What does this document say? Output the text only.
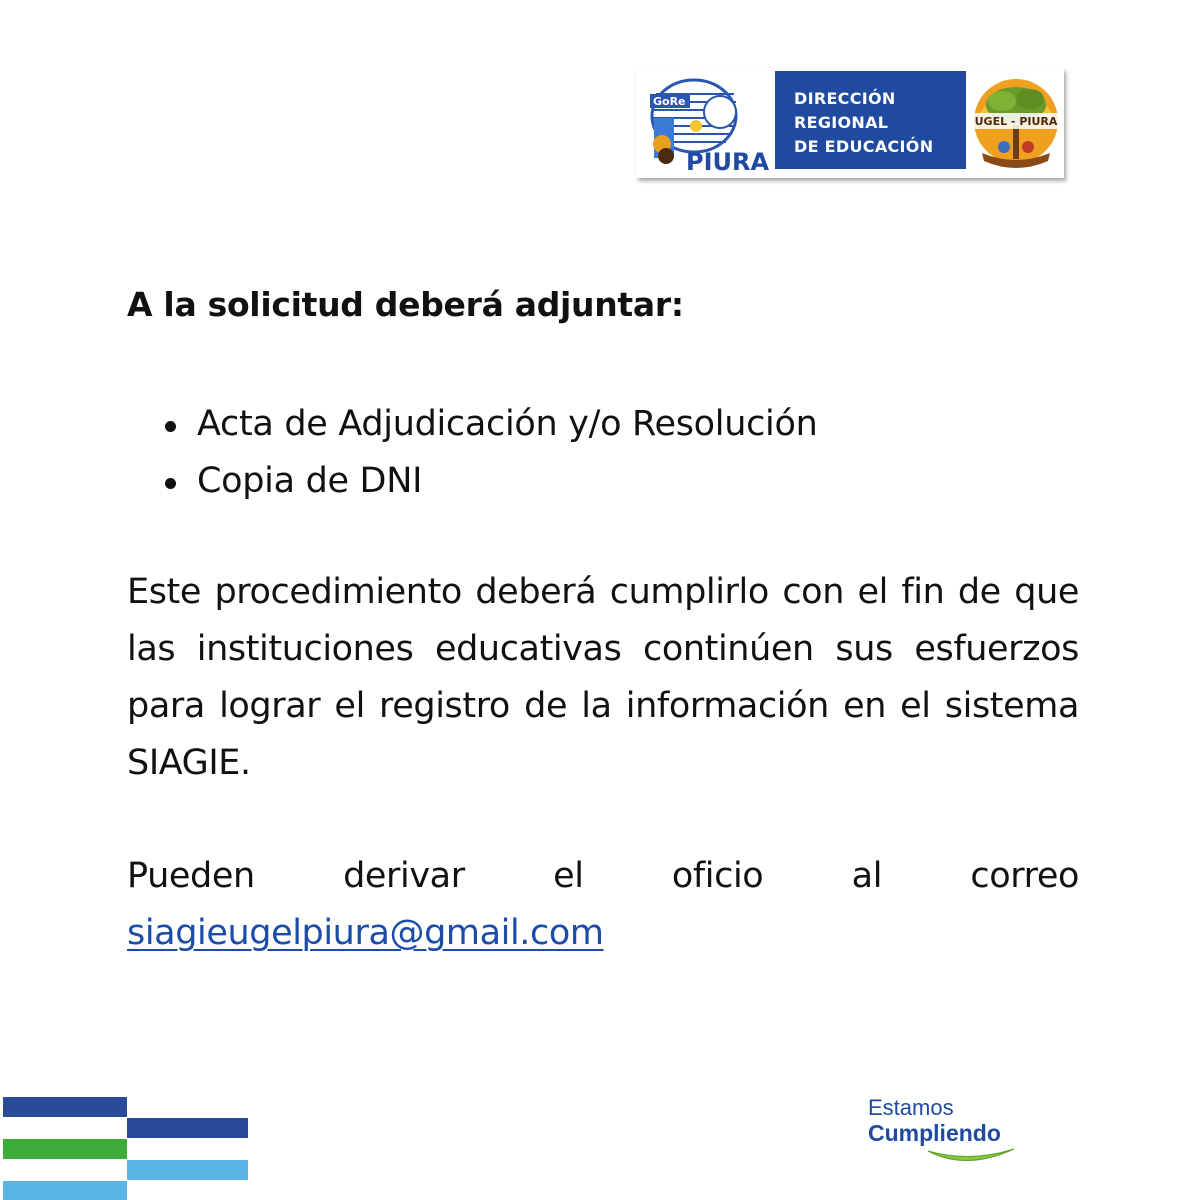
GoRe
PIURA
DIRECCIÓN
REGIONAL
DE EDUCACIÓN
UGEL - PIURA
A la solicitud deberá adjuntar:
Acta de Adjudicación y/o Resolución
Copia de DNI

Este procedimiento deberá cumplirlo con el fin de que las instituciones educativas continúen sus esfuerzos para lograr el registro de la información en el sistema SIAGIE.

Pueden	derivar	el	oficio	al	correo
siagieugelpiura@gmail.com
Estamos
Cumpliendo
